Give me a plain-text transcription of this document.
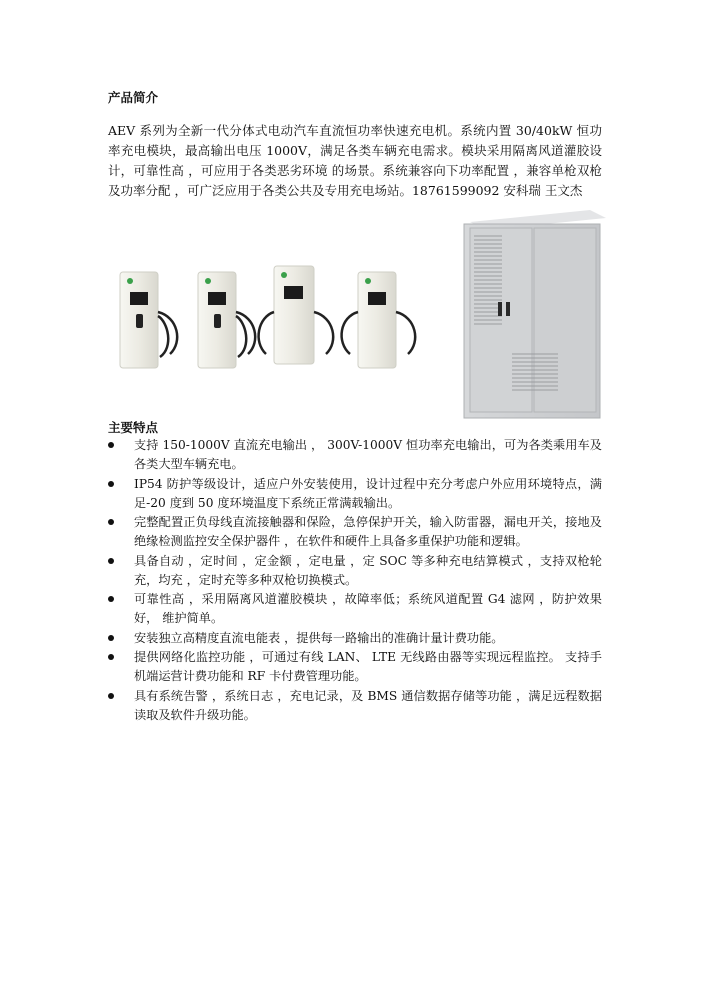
产品简介
AEV 系列为全新一代分体式电动汽车直流恒功率快速充电机。系统内置 30/40kW 恒功率充电模块，最高输出电压 1000V，满足各类车辆充电需求。模块采用隔离风道灌胶设 计，可靠性高 ，可应用于各类恶劣环境 的场景。系统兼容向下功率配置 ，兼容单枪双枪及功率分配 ，可广泛应用于各类公共及专用充电场站。18761599092 安科瑞 王文杰
主要特点
支持 150-1000V 直流充电输出 ， 300V-1000V 恒功率充电输出，可为各类乘用车及各类大型车辆充电。
IP54 防护等级设计，适应户外安装使用，设计过程中充分考虑户外应用环境特点，满足-20 度到 50 度环境温度下系统正常满载输出。
完整配置正负母线直流接触器和保险，急停保护开关，输入防雷器，漏电开关，接地及绝缘检测监控安全保护器件 ，在软件和硬件上具备多重保护功能和逻辑。
具备自动 ，定时间 ，定金额 ，定电量 ，定 SOC 等多种充电结算模式 ，支持双枪轮充，均充 ，定时充等多种双枪切换模式。
可靠性高 ，采用隔离风道灌胶模块 ，故障率低；系统风道配置 G4 滤网 ，防护效果好， 维护简单。
安装独立高精度直流电能表 ，提供每一路输出的准确计量计费功能。
提供网络化监控功能 ，可通过有线 LAN、 LTE 无线路由器等实现远程监控。 支持手机端运营计费功能和 RF 卡付费管理功能。
具有系统告警 ，系统日志 ，充电记录，及 BMS 通信数据存储等功能 ，满足远程数据读取及软件升级功能。
